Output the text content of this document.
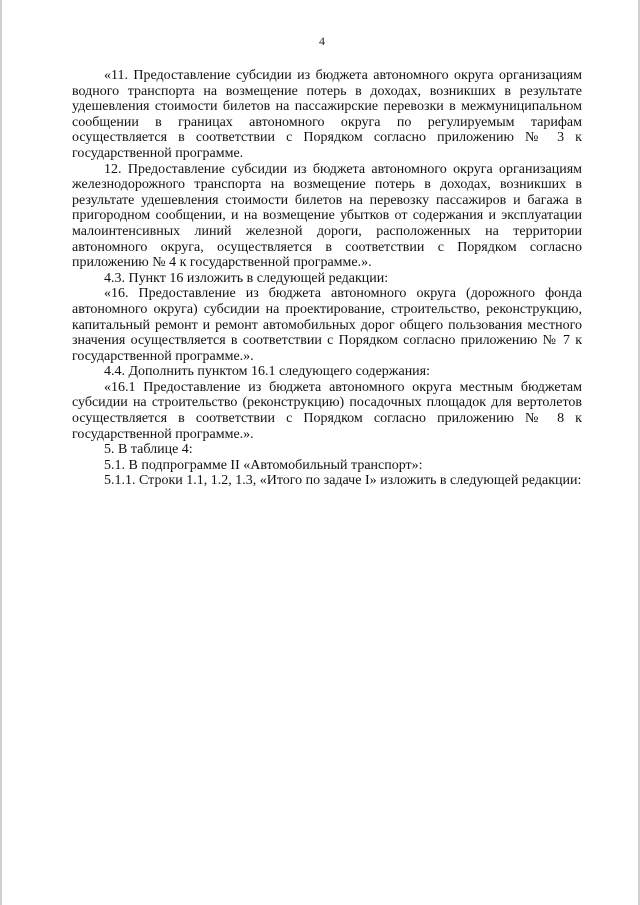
4

«11. Предоставление субсидии из бюджета автономного округа организациям водного транспорта на возмещение потерь в доходах, возникших в результате удешевления стоимости билетов на пассажирские перевозки в межмуниципальном сообщении в границах автономного округа по регулируемым тарифам осуществляется в соответствии с Порядком согласно приложению № 3 к государственной программе.

12. Предоставление субсидии из бюджета автономного округа организациям железнодорожного транспорта на возмещение потерь в доходах, возникших в результате удешевления стоимости билетов на перевозку пассажиров и багажа в пригородном сообщении, и на возмещение убытков от содержания и эксплуатации малоинтенсивных линий железной дороги, расположенных на территории автономного округа, осуществляется в соответствии с Порядком согласно приложению № 4 к государственной программе.».

4.3. Пункт 16 изложить в следующей редакции:

«16. Предоставление из бюджета автономного округа (дорожного фонда автономного округа) субсидии на проектирование, строительство, реконструкцию, капитальный ремонт и ремонт автомобильных дорог общего пользования местного значения осуществляется в соответствии с Порядком согласно приложению № 7 к государственной программе.».

4.4. Дополнить пунктом 16.1 следующего содержания:

«16.1 Предоставление из бюджета автономного округа местным бюджетам субсидии на строительство (реконструкцию) посадочных площадок для вертолетов осуществляется в соответствии с Порядком согласно приложению № 8 к государственной программе.».

5. В таблице 4:

5.1. В подпрограмме II «Автомобильный транспорт»:

5.1.1. Строки 1.1, 1.2, 1.3, «Итого по задаче I» изложить в следующей редакции:
